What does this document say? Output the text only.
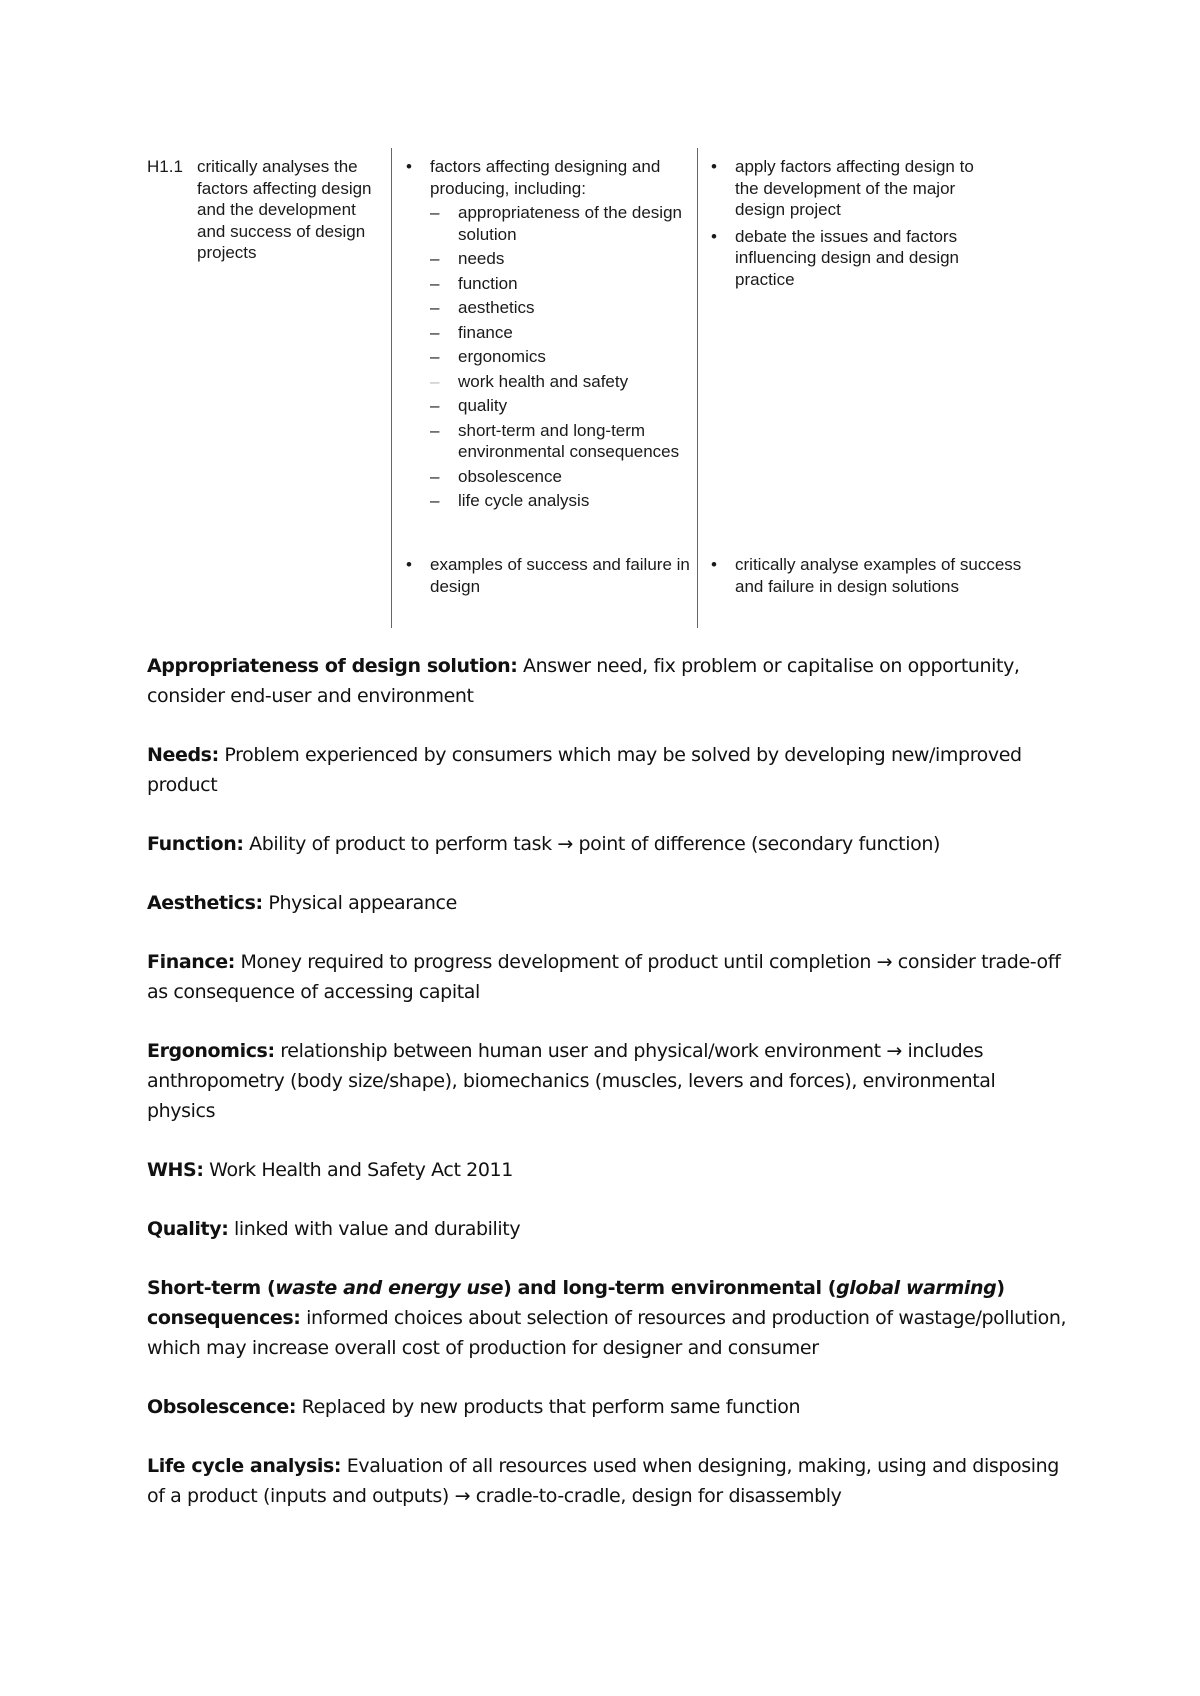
H1.1 critically analyses the factors affecting design and the development and success of design projects
• factors affecting designing and producing, including:
– appropriateness of the design solution
– needs
– function
– aesthetics
– finance
– ergonomics
– work health and safety
– quality
– short-term and long-term environmental consequences
– obsolescence
– life cycle analysis
• examples of success and failure in design
• apply factors affecting design to the development of the major design project
• debate the issues and factors influencing design and design practice
• critically analyse examples of success and failure in design solutions

Appropriateness of design solution: Answer need, fix problem or capitalise on opportunity, consider end-user and environment

Needs: Problem experienced by consumers which may be solved by developing new/improved product

Function: Ability of product to perform task → point of difference (secondary function)

Aesthetics: Physical appearance

Finance: Money required to progress development of product until completion → consider trade-off as consequence of accessing capital

Ergonomics: relationship between human user and physical/work environment → includes anthropometry (body size/shape), biomechanics (muscles, levers and forces), environmental physics

WHS: Work Health and Safety Act 2011

Quality: linked with value and durability

Short-term (waste and energy use) and long-term environmental (global warming) consequences: informed choices about selection of resources and production of wastage/pollution, which may increase overall cost of production for designer and consumer

Obsolescence: Replaced by new products that perform same function

Life cycle analysis: Evaluation of all resources used when designing, making, using and disposing of a product (inputs and outputs) → cradle-to-cradle, design for disassembly
